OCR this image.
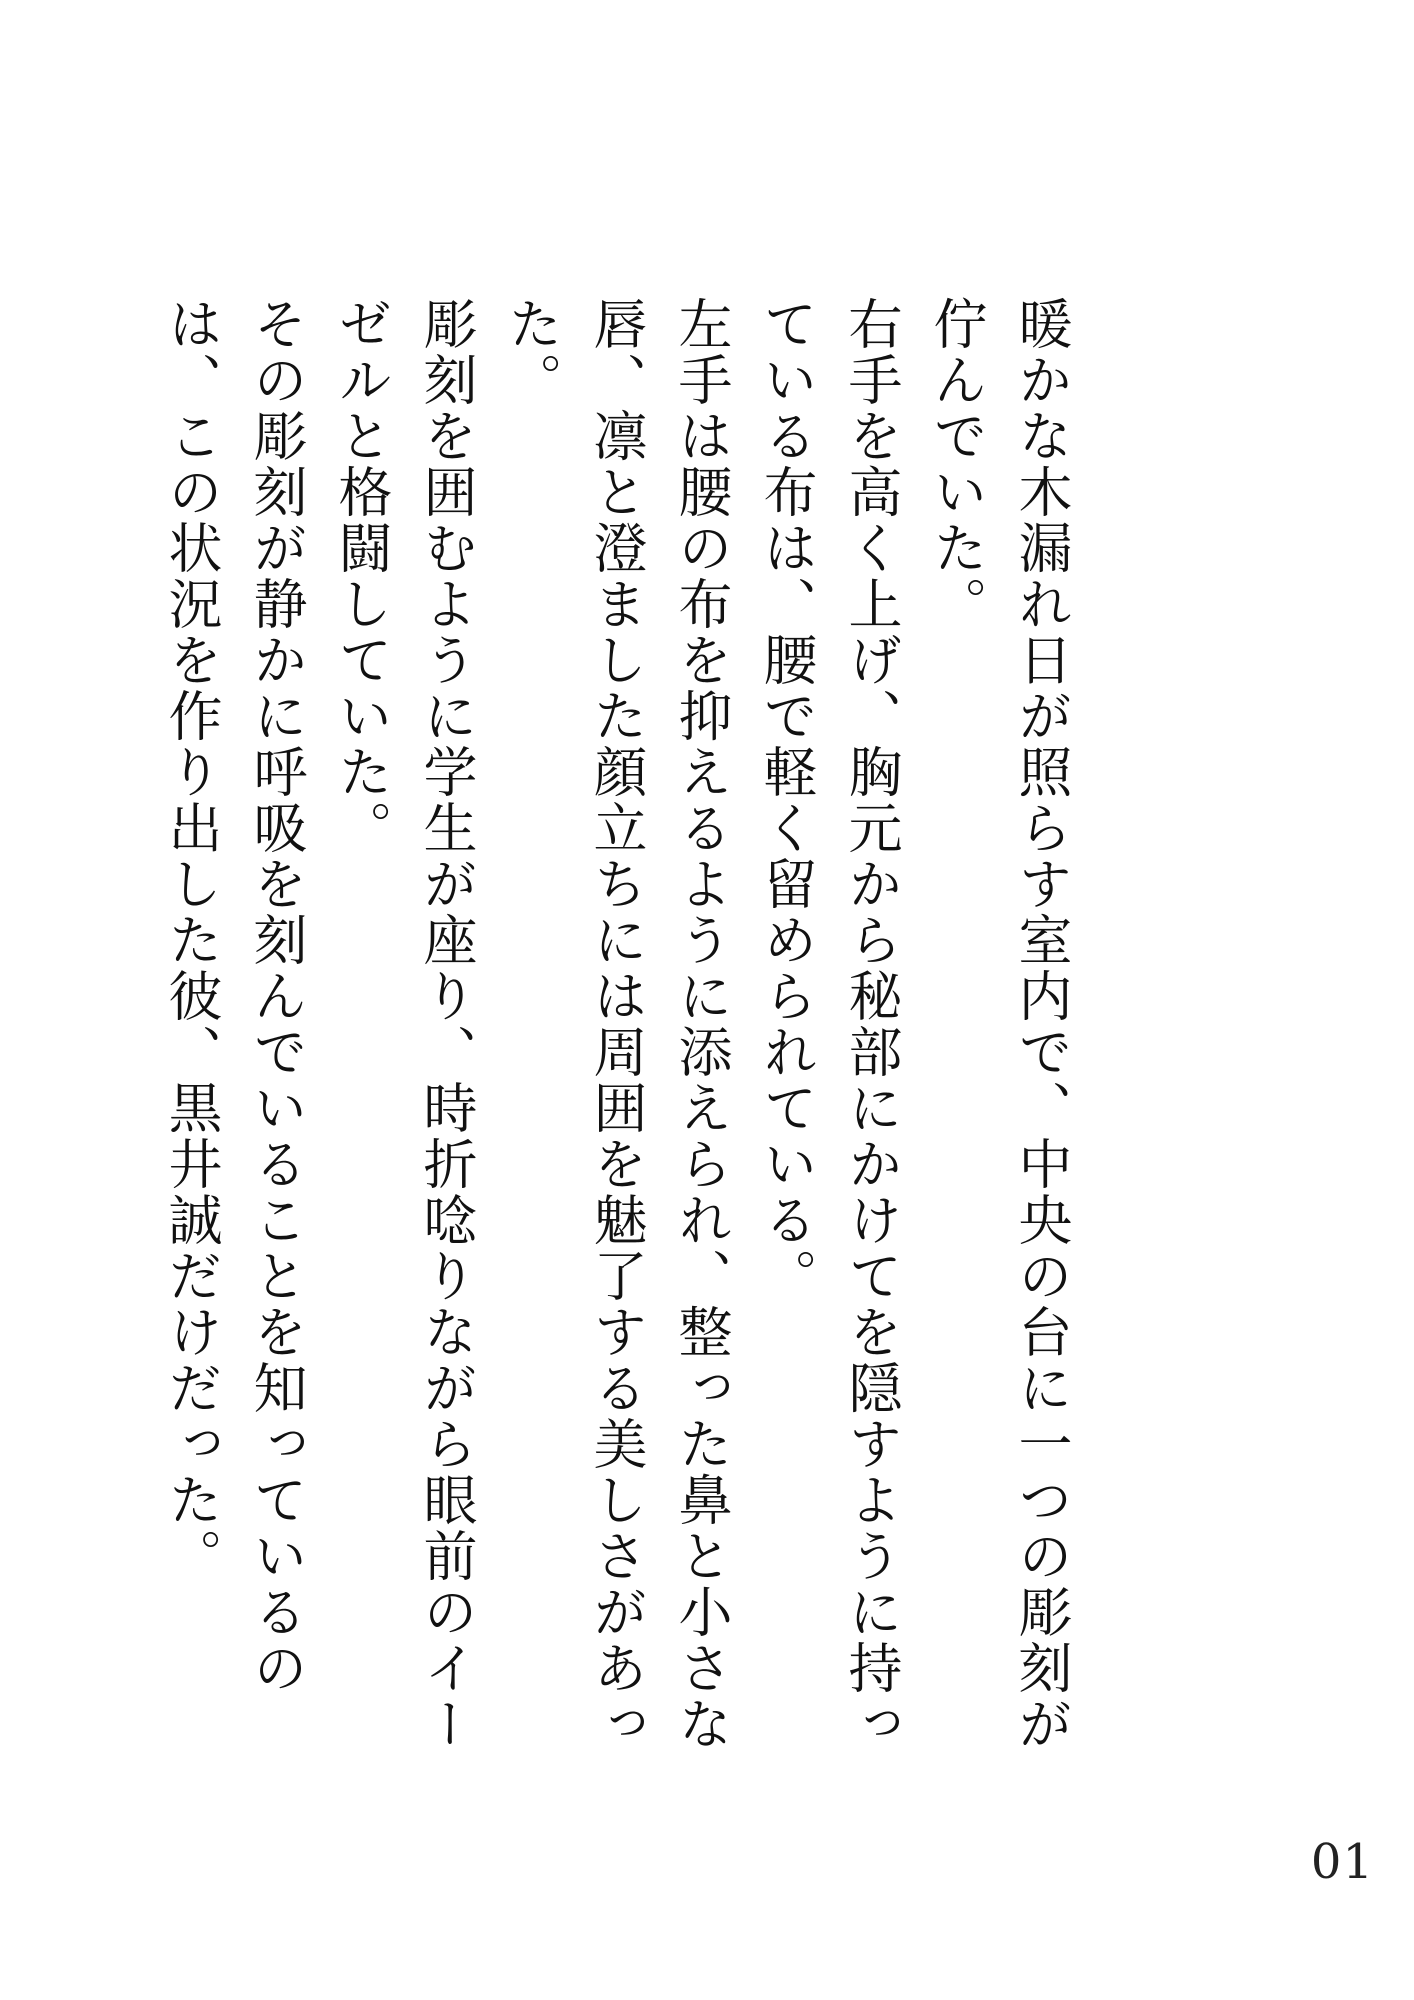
暖かな木漏れ日が照らす室内で、中央の台に一つの彫刻が佇んでいた。

右手を高く上げ、胸元から秘部にかけてを隠すように持っている布は、腰で軽く留められている。

左手は腰の布を抑えるように添えられ、整った鼻と小さな唇、凛と澄ました顔立ちには周囲を魅了する美しさがあった。

彫刻を囲むように学生が座り、時折唸りながら眼前のイーゼルと格闘していた。

その彫刻が静かに呼吸を刻んでいることを知っているのは、この状況を作り出した彼、黒井誠だけだった。

01
